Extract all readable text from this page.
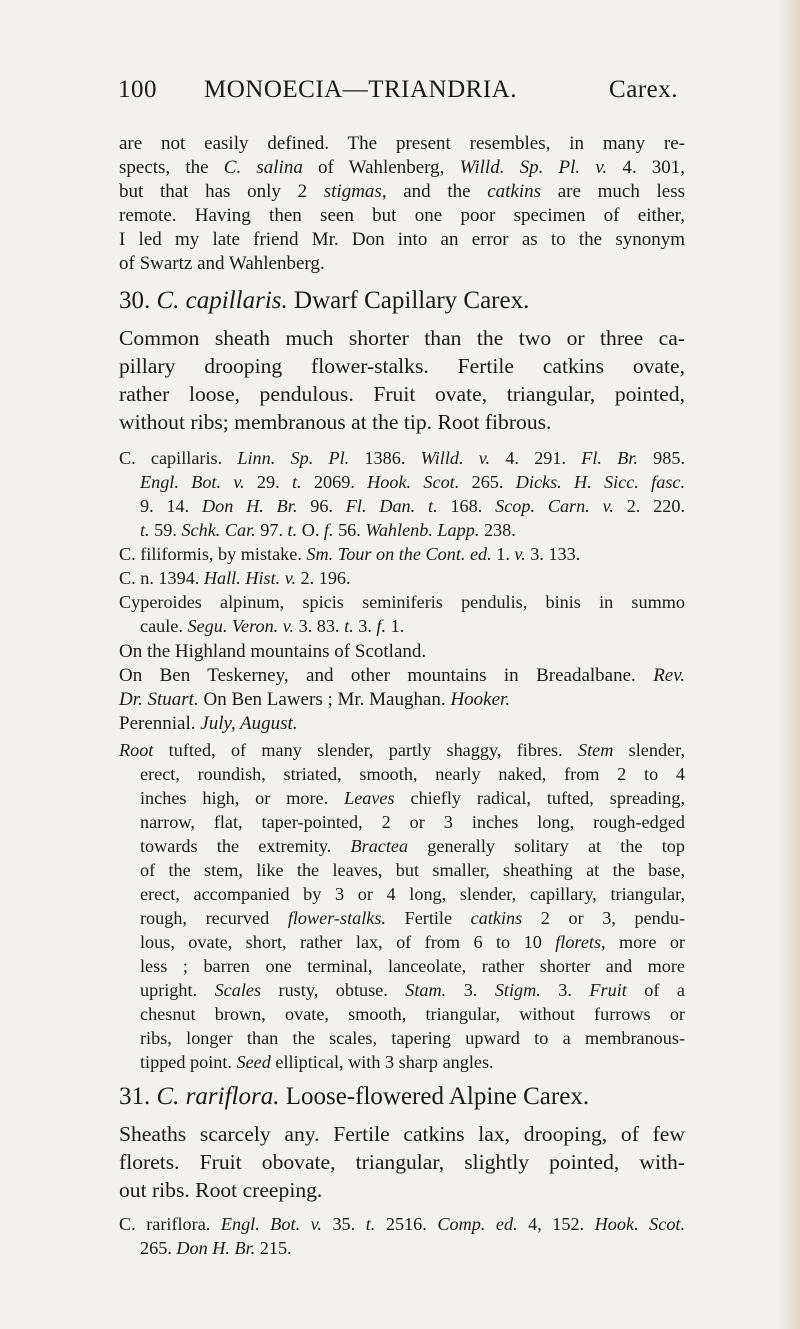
100 MONOECIA—TRIANDRIA.	Carex.
are not easily defined. The present resembles, in many re-
spects, the C. salina of Wahlenberg, Willd. Sp. Pl. v. 4. 301,
but that has only 2 stigmas, and the catkins are much less
remote. Having then seen but one poor specimen of either,
I led my late friend Mr. Don into an error as to the synonym
of Swartz and Wahlenberg.
30. C. capillaris. Dwarf Capillary Carex.
Common sheath much shorter than the two or three ca-
pillary drooping flower-stalks. Fertile catkins ovate,
rather loose, pendulous. Fruit ovate, triangular, pointed,
without ribs; membranous at the tip. Root fibrous.
C. capillaris. Linn. Sp. Pl. 1386. Willd. v. 4. 291. Fl. Br. 985.
Engl. Bot. v. 29. t. 2069. Hook. Scot. 265. Dicks. H. Sicc. fasc.
9. 14. Don H. Br. 96. Fl. Dan. t. 168. Scop. Carn. v. 2. 220.
t. 59. Schk. Car. 97. t. O. f. 56. Wahlenb. Lapp. 238.
C. filiformis, by mistake. Sm. Tour on the Cont. ed. 1. v. 3. 133.
C. n. 1394. Hall. Hist. v. 2. 196.
Cyperoides alpinum, spicis seminiferis pendulis, binis in summo
caule. Segu. Veron. v. 3. 83. t. 3. f. 1.
On the Highland mountains of Scotland.
On Ben Teskerney, and other mountains in Breadalbane. Rev.
Dr. Stuart. On Ben Lawers ; Mr. Maughan. Hooker.
Perennial. July, August.
Root tufted, of many slender, partly shaggy, fibres. Stem slender,
erect, roundish, striated, smooth, nearly naked, from 2 to 4
inches high, or more. Leaves chiefly radical, tufted, spreading,
narrow, flat, taper-pointed, 2 or 3 inches long, rough-edged
towards the extremity. Bractea generally solitary at the top
of the stem, like the leaves, but smaller, sheathing at the base,
erect, accompanied by 3 or 4 long, slender, capillary, triangular,
rough, recurved flower-stalks. Fertile catkins 2 or 3, pendu-
lous, ovate, short, rather lax, of from 6 to 10 florets, more or
less ; barren one terminal, lanceolate, rather shorter and more
upright. Scales rusty, obtuse. Stam. 3. Stigm. 3. Fruit of a
chesnut brown, ovate, smooth, triangular, without furrows or
ribs, longer than the scales, tapering upward to a membranous-
tipped point. Seed elliptical, with 3 sharp angles.
31. C. rariflora. Loose-flowered Alpine Carex.
Sheaths scarcely any. Fertile catkins lax, drooping, of few
florets. Fruit obovate, triangular, slightly pointed, with-
out ribs. Root creeping.
C. rariflora. Engl. Bot. v. 35. t. 2516. Comp. ed. 4, 152. Hook. Scot.
265. Don H. Br. 215.
